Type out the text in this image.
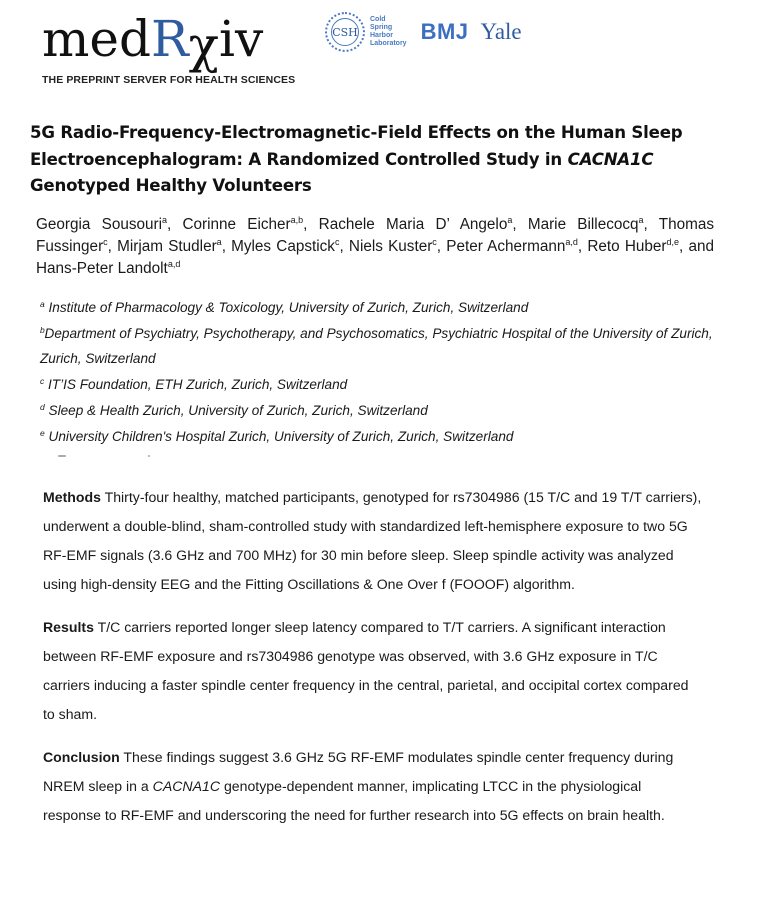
medRχiv
THE PREPRINT SERVER FOR HEALTH SCIENCES
CSH
Cold
Spring
Harbor
Laboratory BMJ Yale
5G Radio-Frequency-Electromagnetic-Field Effects on the Human Sleep
Electroencephalogram: A Randomized Controlled Study in CACNA1C
Genotyped Healthy Volunteers
Georgia Sousouri$^a$, Corinne Eicher$^{a,b}$, Rachele Maria D’ Angelo$^a$, Marie Billecocq$^a$, Thomas Fussinger$^c$, Mirjam Studler$^a$, Myles Capstick$^c$, Niels Kuster$^c$, Peter Achermann$^{a,d}$, Reto Huber$^{d,e}$, and Hans-Peter Landolt$^{a,d}$
$^a$ Institute of Pharmacology & Toxicology, University of Zurich, Zurich, Switzerland
$^b$ Department of Psychiatry, Psychotherapy, and Psychosomatics, Psychiatric Hospital of the University of Zurich, Zurich, Switzerland
$^c$ IT’IS Foundation, ETH Zurich, Zurich, Switzerland
$^d$ Sleep & Health Zurich, University of Zurich, Zurich, Switzerland
$^e$ University Children's Hospital Zurich, University of Zurich, Zurich, Switzerland

Methods Thirty-four healthy, matched participants, genotyped for rs7304986 (15 T/C and 19 T/T carriers), underwent a double-blind, sham-controlled study with standardized left-hemisphere exposure to two 5G RF-EMF signals (3.6 GHz and 700 MHz) for 30 min before sleep. Sleep spindle activity was analyzed using high-density EEG and the Fitting Oscillations & One Over f (FOOOF) algorithm.

Results T/C carriers reported longer sleep latency compared to T/T carriers. A significant interaction between RF-EMF exposure and rs7304986 genotype was observed, with 3.6 GHz exposure in T/C carriers inducing a faster spindle center frequency in the central, parietal, and occipital cortex compared to sham.

Conclusion These findings suggest 3.6 GHz 5G RF-EMF modulates spindle center frequency during NREM sleep in a CACNA1C genotype-dependent manner, implicating LTCC in the physiological response to RF-EMF and underscoring the need for further research into 5G effects on brain health.
